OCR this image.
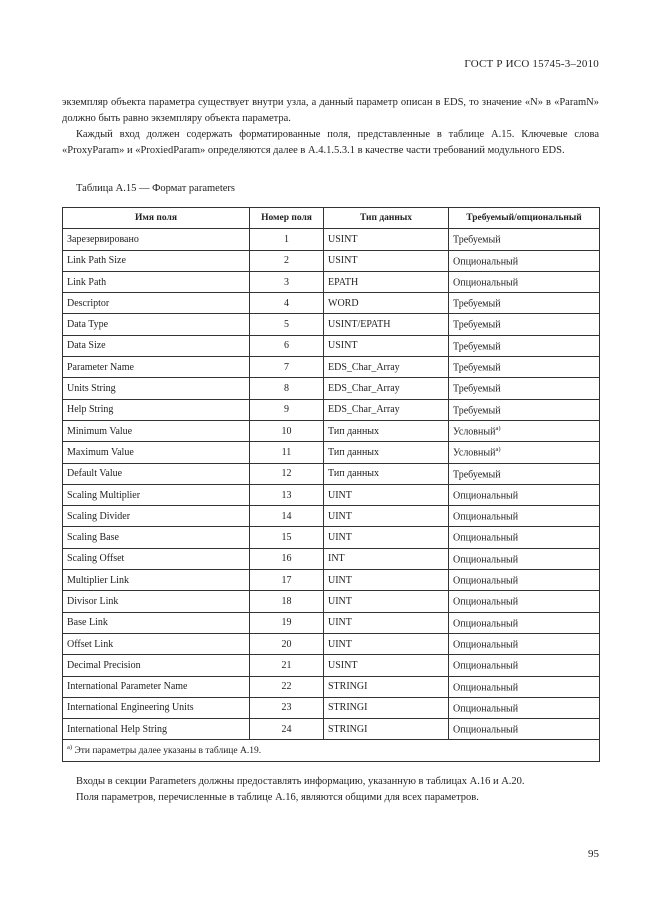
ГОСТ Р ИСО 15745-3–2010

экземпляр объекта параметра существует внутри узла, а данный параметр описан в EDS, то значение «N» в «ParamN» должно быть равно экземпляру объекта параметра.

Каждый вход должен содержать форматированные поля, представленные в таблице A.15. Ключевые слова «ProxyParam» и «ProxiedParam» определяются далее в A.4.1.5.3.1 в качестве части требований модульного EDS.

Таблица A.15 — Формат parameters
Имя поля	Номер поля	Тип данных	Требуемый/опциональный
Зарезервировано	1	USINT	Требуемый
Link Path Size	2	USINT	Опциональный
Link Path	3	EPATH	Опциональный
Descriptor	4	WORD	Требуемый
Data Type	5	USINT/EPATH	Требуемый
Data Size	6	USINT	Требуемый
Parameter Name	7	EDS_Char_Array	Требуемый
Units String	8	EDS_Char_Array	Требуемый
Help String	9	EDS_Char_Array	Требуемый
Minimum Value	10	Тип данных	Условный$^{a)}$
Maximum Value	11	Тип данных	Условный$^{a)}$
Default Value	12	Тип данных	Требуемый
Scaling Multiplier	13	UINT	Опциональный
Scaling Divider	14	UINT	Опциональный
Scaling Base	15	UINT	Опциональный
Scaling Offset	16	INT	Опциональный
Multiplier Link	17	UINT	Опциональный
Divisor Link	18	UINT	Опциональный
Base Link	19	UINT	Опциональный
Offset Link	20	UINT	Опциональный
Decimal Precision	21	USINT	Опциональный
International Parameter Name	22	STRINGI	Опциональный
International Engineering Units	23	STRINGI	Опциональный
International Help String	24	STRINGI	Опциональный
$^{a)}$ Эти параметры далее указаны в таблице A.19.			

Входы в секции Parameters должны предоставлять информацию, указанную в таблицах A.16 и A.20.

Поля параметров, перечисленные в таблице A.16, являются общими для всех параметров.

95
